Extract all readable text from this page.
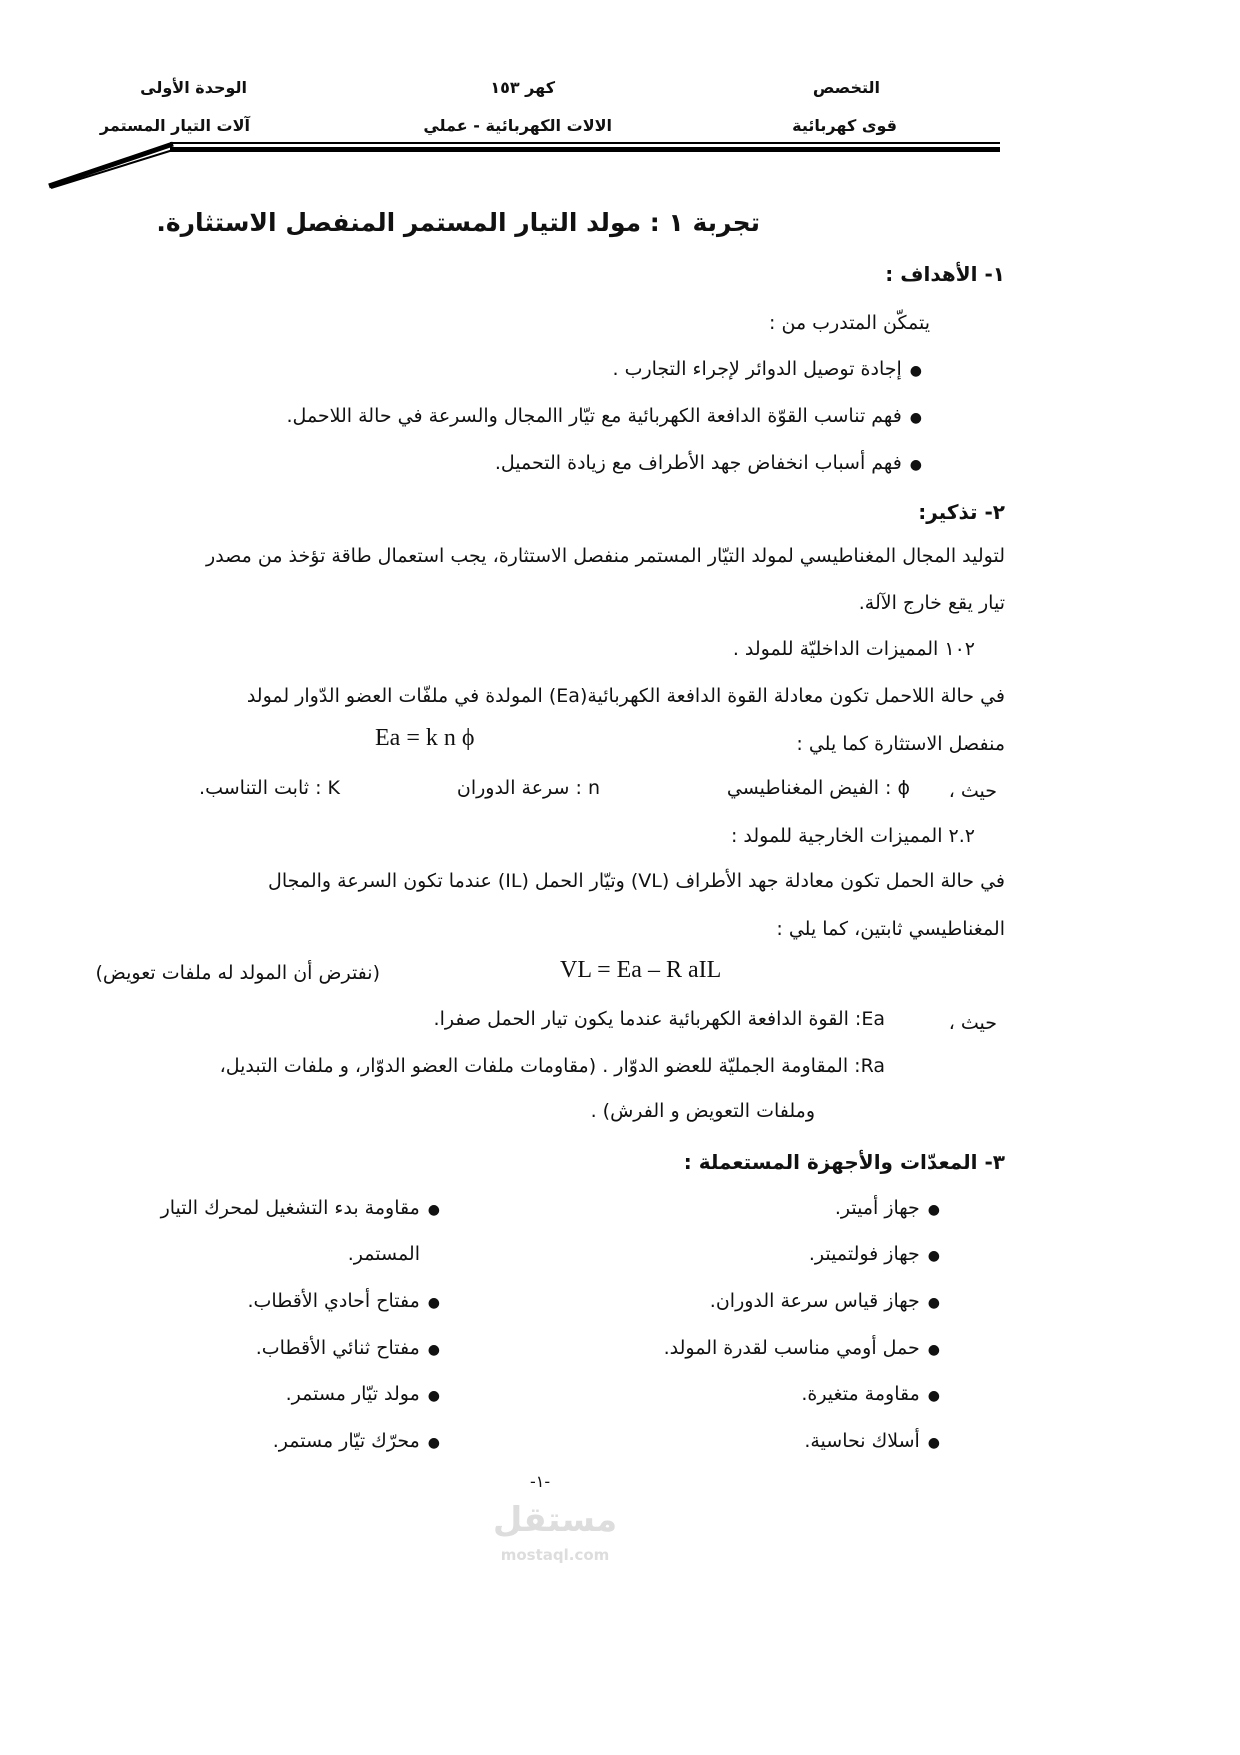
التخصص
قوى كهربائية
كهر ١٥٣
الالات الكهربائية - عملي
الوحدة الأولى
آلات التيار المستمر
تجربة ١ : مولد التيار المستمر المنفصل الاستثارة.
١- الأهداف :
يتمكّن المتدرب من :
● إجادة توصيل الدوائر لإجراء التجارب .
● فهم تناسب القوّة الدافعة الكهربائية مع تيّار االمجال والسرعة في حالة اللاحمل.
● فهم أسباب انخفاض جهد الأطراف مع زيادة التحميل.
٢- تذكير:
لتوليد المجال المغناطيسي لمولد التيّار المستمر منفصل الاستثارة، يجب استعمال طاقة تؤخذ من مصدر
تيار يقع خارج الآلة.
١٠٢ المميزات الداخليّة للمولد .
في حالة اللاحمل تكون معادلة القوة الدافعة الكهربائية(Ea) المولدة في ملفّات العضو الدّوار لمولد
منفصل الاستثارة كما يلي :
Ea = k n ϕ
حيث ،
ϕ : الفيض المغناطيسي
n : سرعة الدوران
K : ثابت التناسب.
٢.٢ المميزات الخارجية للمولد :
في حالة الحمل تكون معادلة جهد الأطراف (VL) وتيّار الحمل (IL) عندما تكون السرعة والمجال
المغناطيسي ثابتين، كما يلي :
VL = Ea – R aIL
(نفترض أن المولد له ملفات تعويض)
حيث ،
Ea: القوة الدافعة الكهربائية عندما يكون تيار الحمل صفرا.
Ra: المقاومة الجمليّة للعضو الدوّار . (مقاومات ملفات العضو الدوّار، و ملفات التبديل،
وملفات التعويض و الفرش) .
٣- المعدّات والأجهزة المستعملة :
● جهاز أميتر.
● جهاز فولتميتر.
● جهاز قياس سرعة الدوران.
● حمل أومي مناسب لقدرة المولد.
● مقاومة متغيرة.
● أسلاك نحاسية.
● مقاومة بدء التشغيل لمحرك التيار
المستمر.
● مفتاح أحادي الأقطاب.
● مفتاح ثنائي الأقطاب.
● مولد تيّار مستمر.
● محرّك تيّار مستمر.
-١-
مستقل
mostaql.com
